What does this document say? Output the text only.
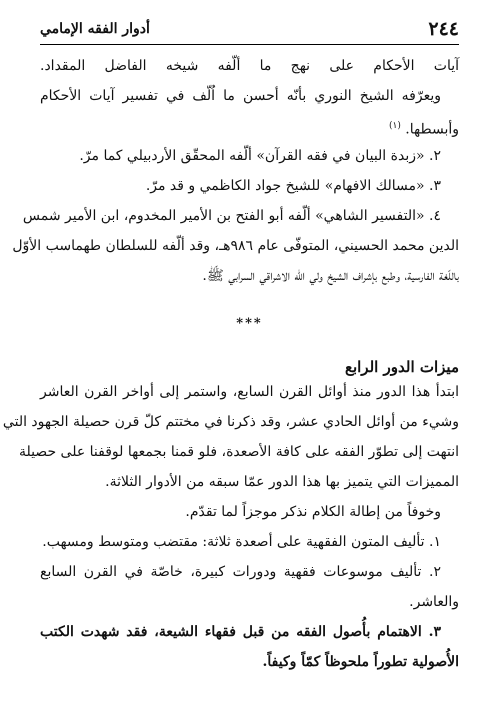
٢٤٤
أدوار الفقه الإمامي
آيات الأحكام على نهج ما ألّفه شيخه الفاضل المقداد.
ويعرّفه الشيخ النوري بأنّه أحسن ما اُلّف في تفسير آيات الأحكام
وأبسطها. $^{(١)}$
٢. «زبدة البيان في فقه القرآن» ألّفه المحقّق الأردبيلي كما مرّ.
٣. «مسالك الافهام» للشيخ جواد الكاظمي و قد مرّ.
٤. «التفسير الشاهي» ألّفه أبو الفتح بن الأمير المخدوم، ابن الأمير شمس
الدين محمد الحسيني، المتوفّى عام ٩٨٦هـ، وقد ألّفه للسلطان طهماسب الأوّل
باللّغة الفارسية، وطبع بإشراف الشيخ ولي الله الاشراقي السرابي ﷺ.
***
ميزات الدور الرابع
ابتدأ هذا الدور منذ أوائل القرن السابع، واستمر إلى أواخر القرن العاشر
وشيء من أوائل الحادي عشر، وقد ذكرنا في مختتم كلّ قرن حصيلة الجهود التي
انتهت إلى تطوّر الفقه على كافة الأصعدة، فلو قمنا بجمعها لوقفنا على حصيلة
المميزات التي يتميز بها هذا الدور عمّا سبقه من الأدوار الثلاثة.
وخوفاً من إطالة الكلام نذكر موجزاً لما تقدّم.
١. تأليف المتون الفقهية على أصعدة ثلاثة: مقتضب ومتوسط ومسهب.
٢. تأليف موسوعات فقهية ودورات كبيرة، خاصّة في القرن السابع
والعاشر.
٣. الاهتمام بأُصول الفقه من قبل فقهاء الشيعة، فقد شهدت الكتب
الأُصولية تطوراً ملحوظاً كمّاً وكيفاً.
